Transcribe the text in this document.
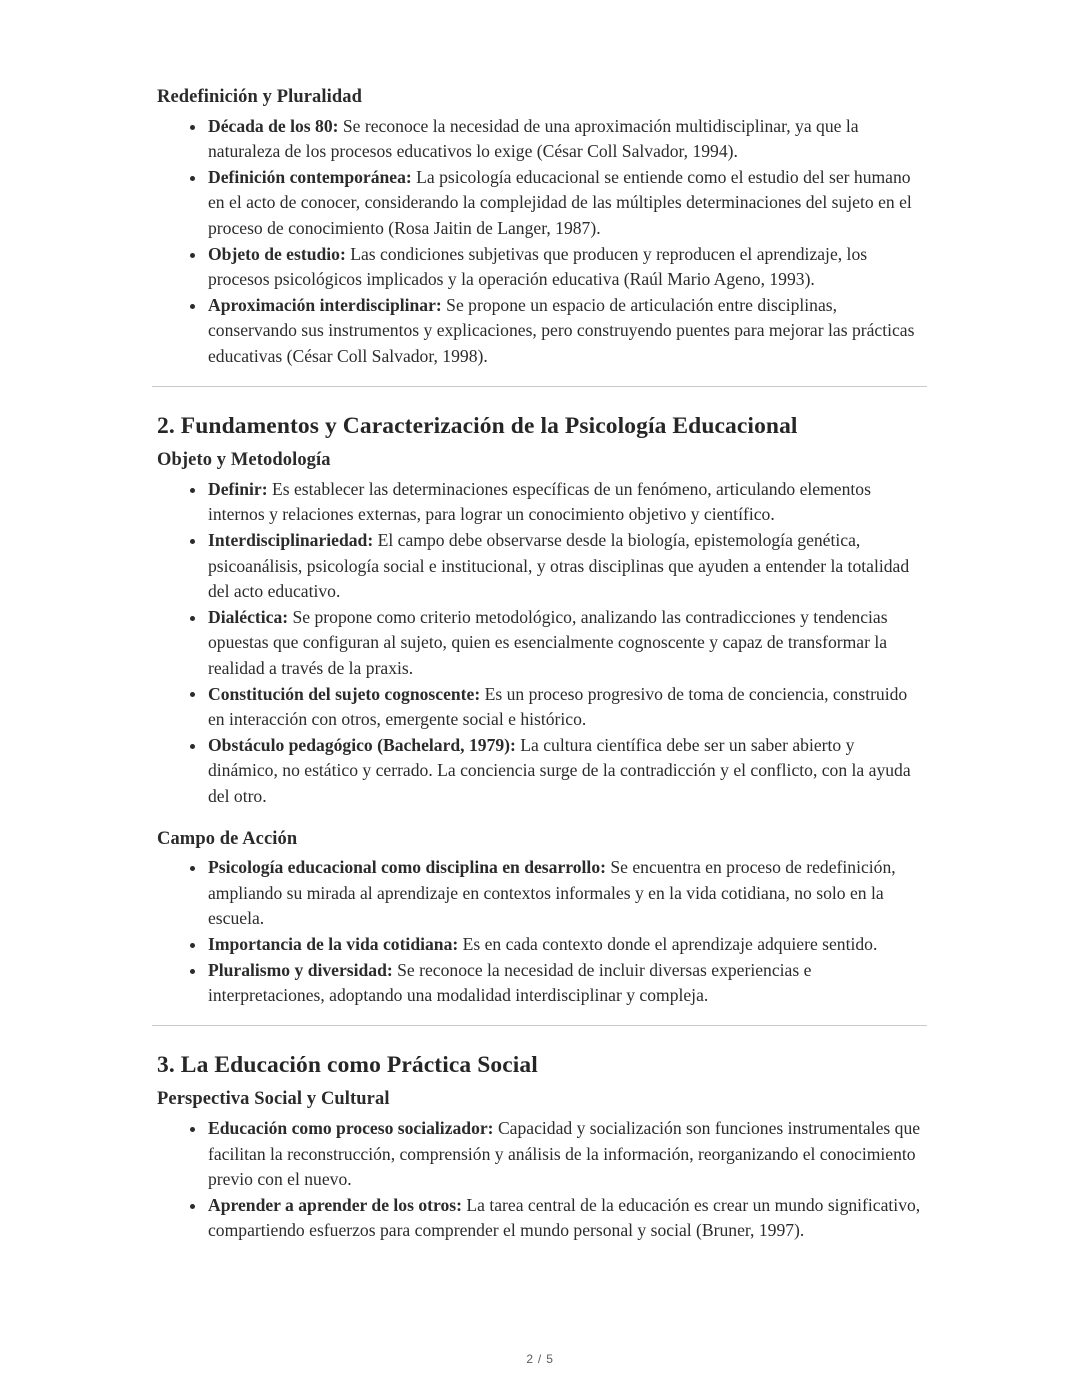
Redefinición y Pluralidad
Década de los 80: Se reconoce la necesidad de una aproximación multidisciplinar, ya que la naturaleza de los procesos educativos lo exige (César Coll Salvador, 1994).
Definición contemporánea: La psicología educacional se entiende como el estudio del ser humano en el acto de conocer, considerando la complejidad de las múltiples determinaciones del sujeto en el proceso de conocimiento (Rosa Jaitin de Langer, 1987).
Objeto de estudio: Las condiciones subjetivas que producen y reproducen el aprendizaje, los procesos psicológicos implicados y la operación educativa (Raúl Mario Ageno, 1993).
Aproximación interdisciplinar: Se propone un espacio de articulación entre disciplinas, conservando sus instrumentos y explicaciones, pero construyendo puentes para mejorar las prácticas educativas (César Coll Salvador, 1998).
2. Fundamentos y Caracterización de la Psicología Educacional
Objeto y Metodología
Definir: Es establecer las determinaciones específicas de un fenómeno, articulando elementos internos y relaciones externas, para lograr un conocimiento objetivo y científico.
Interdisciplinariedad: El campo debe observarse desde la biología, epistemología genética, psicoanálisis, psicología social e institucional, y otras disciplinas que ayuden a entender la totalidad del acto educativo.
Dialéctica: Se propone como criterio metodológico, analizando las contradicciones y tendencias opuestas que configuran al sujeto, quien es esencialmente cognoscente y capaz de transformar la realidad a través de la praxis.
Constitución del sujeto cognoscente: Es un proceso progresivo de toma de conciencia, construido en interacción con otros, emergente social e histórico.
Obstáculo pedagógico (Bachelard, 1979): La cultura científica debe ser un saber abierto y dinámico, no estático y cerrado. La conciencia surge de la contradicción y el conflicto, con la ayuda del otro.
Campo de Acción
Psicología educacional como disciplina en desarrollo: Se encuentra en proceso de redefinición, ampliando su mirada al aprendizaje en contextos informales y en la vida cotidiana, no solo en la escuela.
Importancia de la vida cotidiana: Es en cada contexto donde el aprendizaje adquiere sentido.
Pluralismo y diversidad: Se reconoce la necesidad de incluir diversas experiencias e interpretaciones, adoptando una modalidad interdisciplinar y compleja.
3. La Educación como Práctica Social
Perspectiva Social y Cultural
Educación como proceso socializador: Capacidad y socialización son funciones instrumentales que facilitan la reconstrucción, comprensión y análisis de la información, reorganizando el conocimiento previo con el nuevo.
Aprender a aprender de los otros: La tarea central de la educación es crear un mundo significativo, compartiendo esfuerzos para comprender el mundo personal y social (Bruner, 1997).
2 / 5
